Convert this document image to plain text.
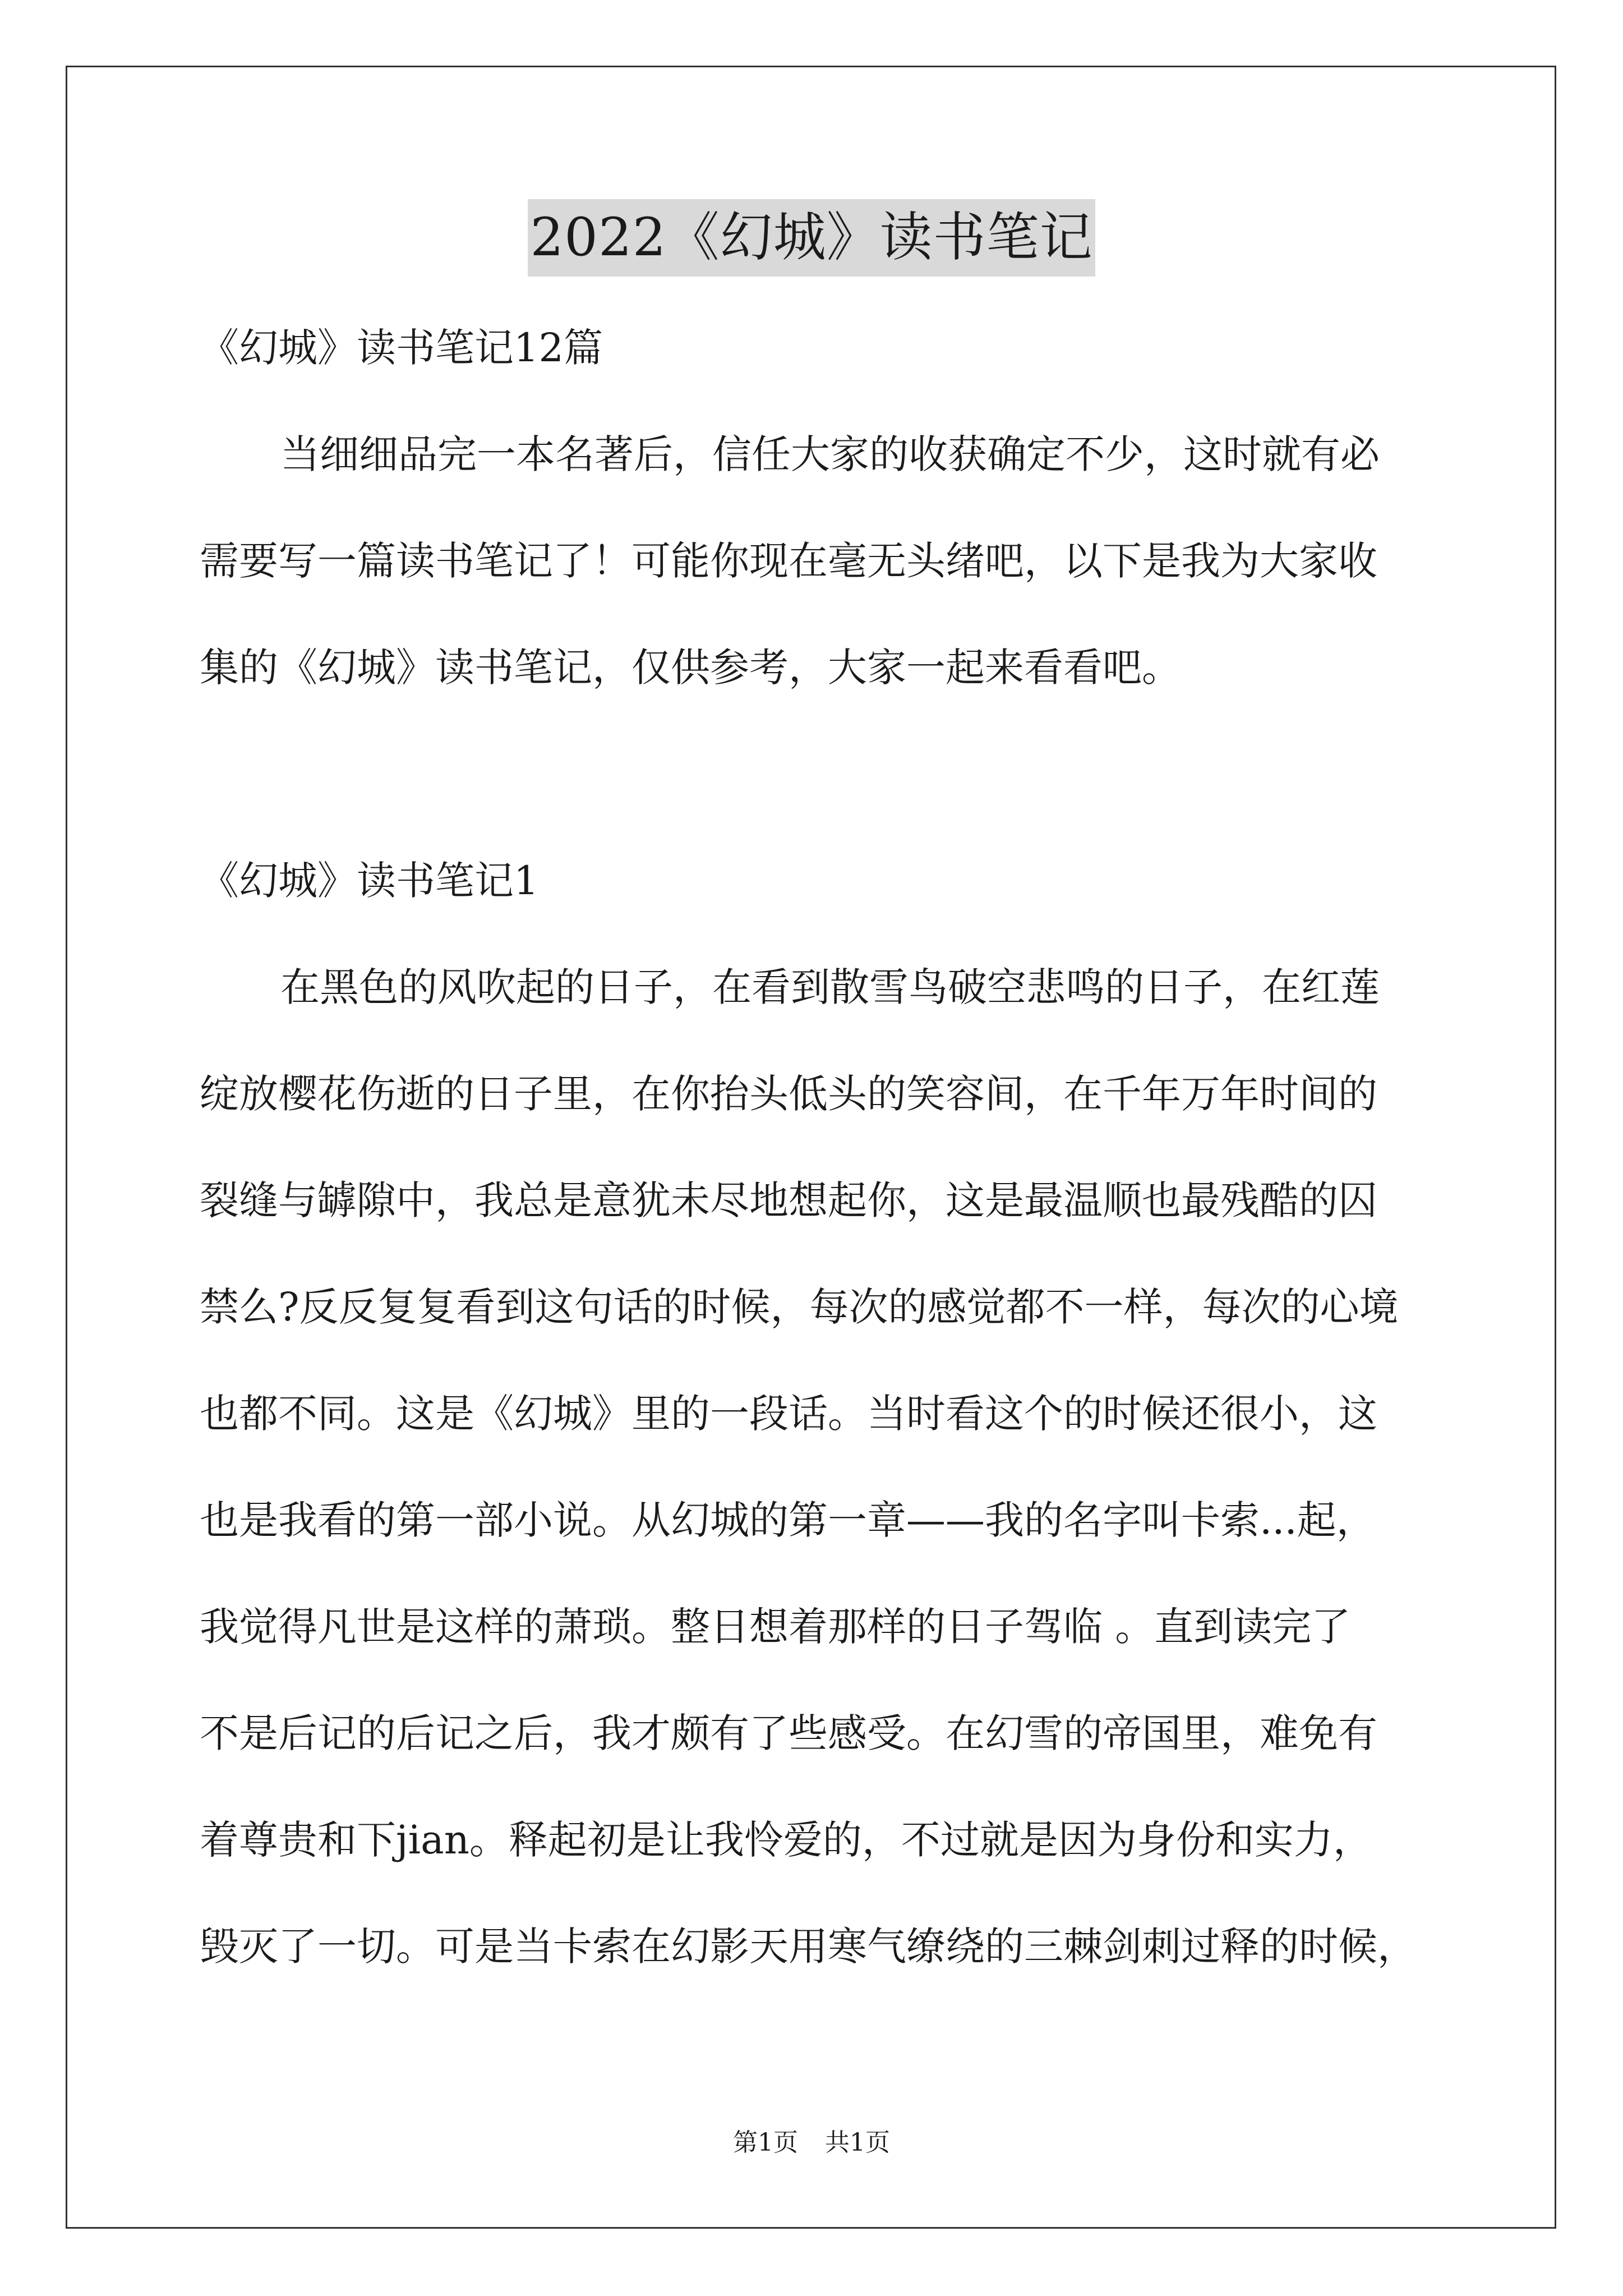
2022《幻城》读书笔记

《幻城》读书笔记12篇

当细细品完一本名著后，信任大家的收获确定不少，这时就有必

需要写一篇读书笔记了！可能你现在毫无头绪吧，以下是我为大家收

集的《幻城》读书笔记，仅供参考，大家一起来看看吧。

《幻城》读书笔记1

在黑色的风吹起的日子，在看到散雪鸟破空悲鸣的日子，在红莲

绽放樱花伤逝的日子里，在你抬头低头的笑容间，在千年万年时间的

裂缝与罅隙中，我总是意犹未尽地想起你，这是最温顺也最残酷的囚

禁么?反反复复看到这句话的时候，每次的感觉都不一样，每次的心境

也都不同。这是《幻城》里的一段话。当时看这个的时候还很小，这

也是我看的第一部小说。从幻城的第一章——我的名字叫卡索...起，

我觉得凡世是这样的萧琐。整日想着那样的日子驾临 。直到读完了

不是后记的后记之后，我才颇有了些感受。在幻雪的帝国里，难免有

着尊贵和下jian。释起初是让我怜爱的，不过就是因为身份和实力，

毁灭了一切。可是当卡索在幻影天用寒气缭绕的三棘剑刺过释的时候，

第1页 共1页
